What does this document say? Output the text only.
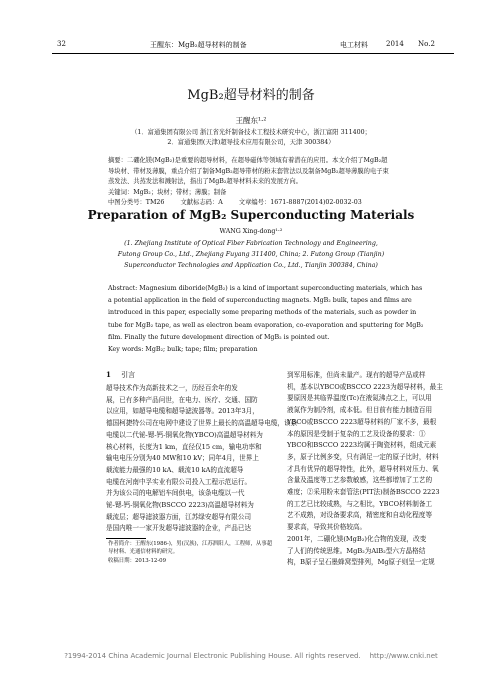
32	王醒东：MgB₂超导材料的制备	电工材料	2014 No.2
MgB₂超导材料的制备
王醒东¹·²
（1．富通集团有限公司 浙江省光纤制备技术工程技术研究中心，浙江富阳 311400；
2．富通集团(天津)超导技术应用有限公司，天津 300384）
摘要：二硼化镁(MgB₂)是重要的超导材料，在超导磁体等领域有着潜在的应用。本文介绍了MgB₂超
导块材、带材及薄膜，重点介绍了制备MgB₂超导带材的粉末套管法以及制备MgB₂超导薄膜的电子束
蒸发法、共蒸发法和溅射法，指出了MgB₂超导材料未来的发展方向。
关键词：MgB₂；块材；带材；薄膜；制备
中图分类号：TM26        文献标志码：A        文章编号：1671-8887(2014)02-0032-03
Preparation of MgB₂ Superconducting Materials
WANG Xing-dong¹·²
(1. Zhejiang Institute of Optical Fiber Fabrication Technology and Engineering,
Futong Group Co., Ltd., Zhejiang Fuyang 311400, China; 2. Futong Group (Tianjin)
Superconductor Technologies and Application Co., Ltd., Tianjin 300384, China)
Abstract: Magnesium diboride(MgB₂) is a kind of important superconducting materials, which has
a potential application in the field of superconducting magnets. MgB₂ bulk, tapes and films are
introduced in this paper, especially some preparing methods of the materials, such as powder in
tube for MgB₂ tape, as well as electron beam evaporation, co-evaporation and sputtering for MgB₂
film. Finally the future development direction of MgB₂ is pointed out.
Key words: MgB₂; bulk; tape; film; preparation
1 引言
超导技术作为高新技术之一，历经百余年的发
展，已有多种产品问世，在电力、医疗、交通、国防
以应用，如超导电缆和超导滤波器等。2013年3月，
德国柯捷特公司在电网中建设了世界上最长的高温超导电缆，该条
电缆以二代铋-锶-钙-铜氧化物(YBCO)高温超导材料为
核心材料，长度为1 km，直径仅15 cm，输电功率和
输电电压分别为40 MW和10 kV；同年4月，世界上
载流能力最强的10 kA、载流10 kA的直流超导
电缆在河南中孚实业有限公司投入工程示范运行。
并为该公司的电解铝车间供电，该条电缆以一代
铋-锶-钙-铜氧化物(BSCCO 2223)高温超导材料为
载流层；超导滤波器方面，江苏绿安超导有限公司
是国内唯一一家开发超导滤波器的企业，产品已达
作者简介：王醒东(1986-)，男(汉族)，江苏泗阳人，工程师，从事超
导材料、光通信材料的研究。
收稿日期：2013-12-09
到军用标准，但尚未量产。现有的超导产品或样
机，基本以YBCO或BSCCO 2223为超导材料，最主
要原因是其临界温度(Tc)在液氮沸点之上，可以用
液氮作为制冷剂，成本低。但目前有能力制造百用
YBCO或BSCCO 2223超导材料的厂家不多，最根
本的原因是受制于复杂的工艺及设备的要求：①
YBCO和BSCCO 2223均属于陶瓷材料，组成元素
多，原子比例多变，只有满足一定的原子比时，材料
才具有优异的超导特性，此外，超导材料对压力、氧
含量及温度等工艺参数敏感，这些都增加了工艺的
难度；②采用粉末套管法(PIT法)制备BSCCO 2223
的工艺已比较成熟，与之相比，YBCO材料制备工
艺不成熟，对设备要求高，精密度和自动化程度等
要求高，导致其价格较高。
2001年，二硼化镁(MgB₂)化合物的发现，改变
了人们的传统思维。MgB₂为AlB₂型六方晶格结
构，B原子呈石墨蜂窝型排列，Mg原子则呈一定规
?1994-2014 China Academic Journal Electronic Publishing House. All rights reserved.    http://www.cnki.net
